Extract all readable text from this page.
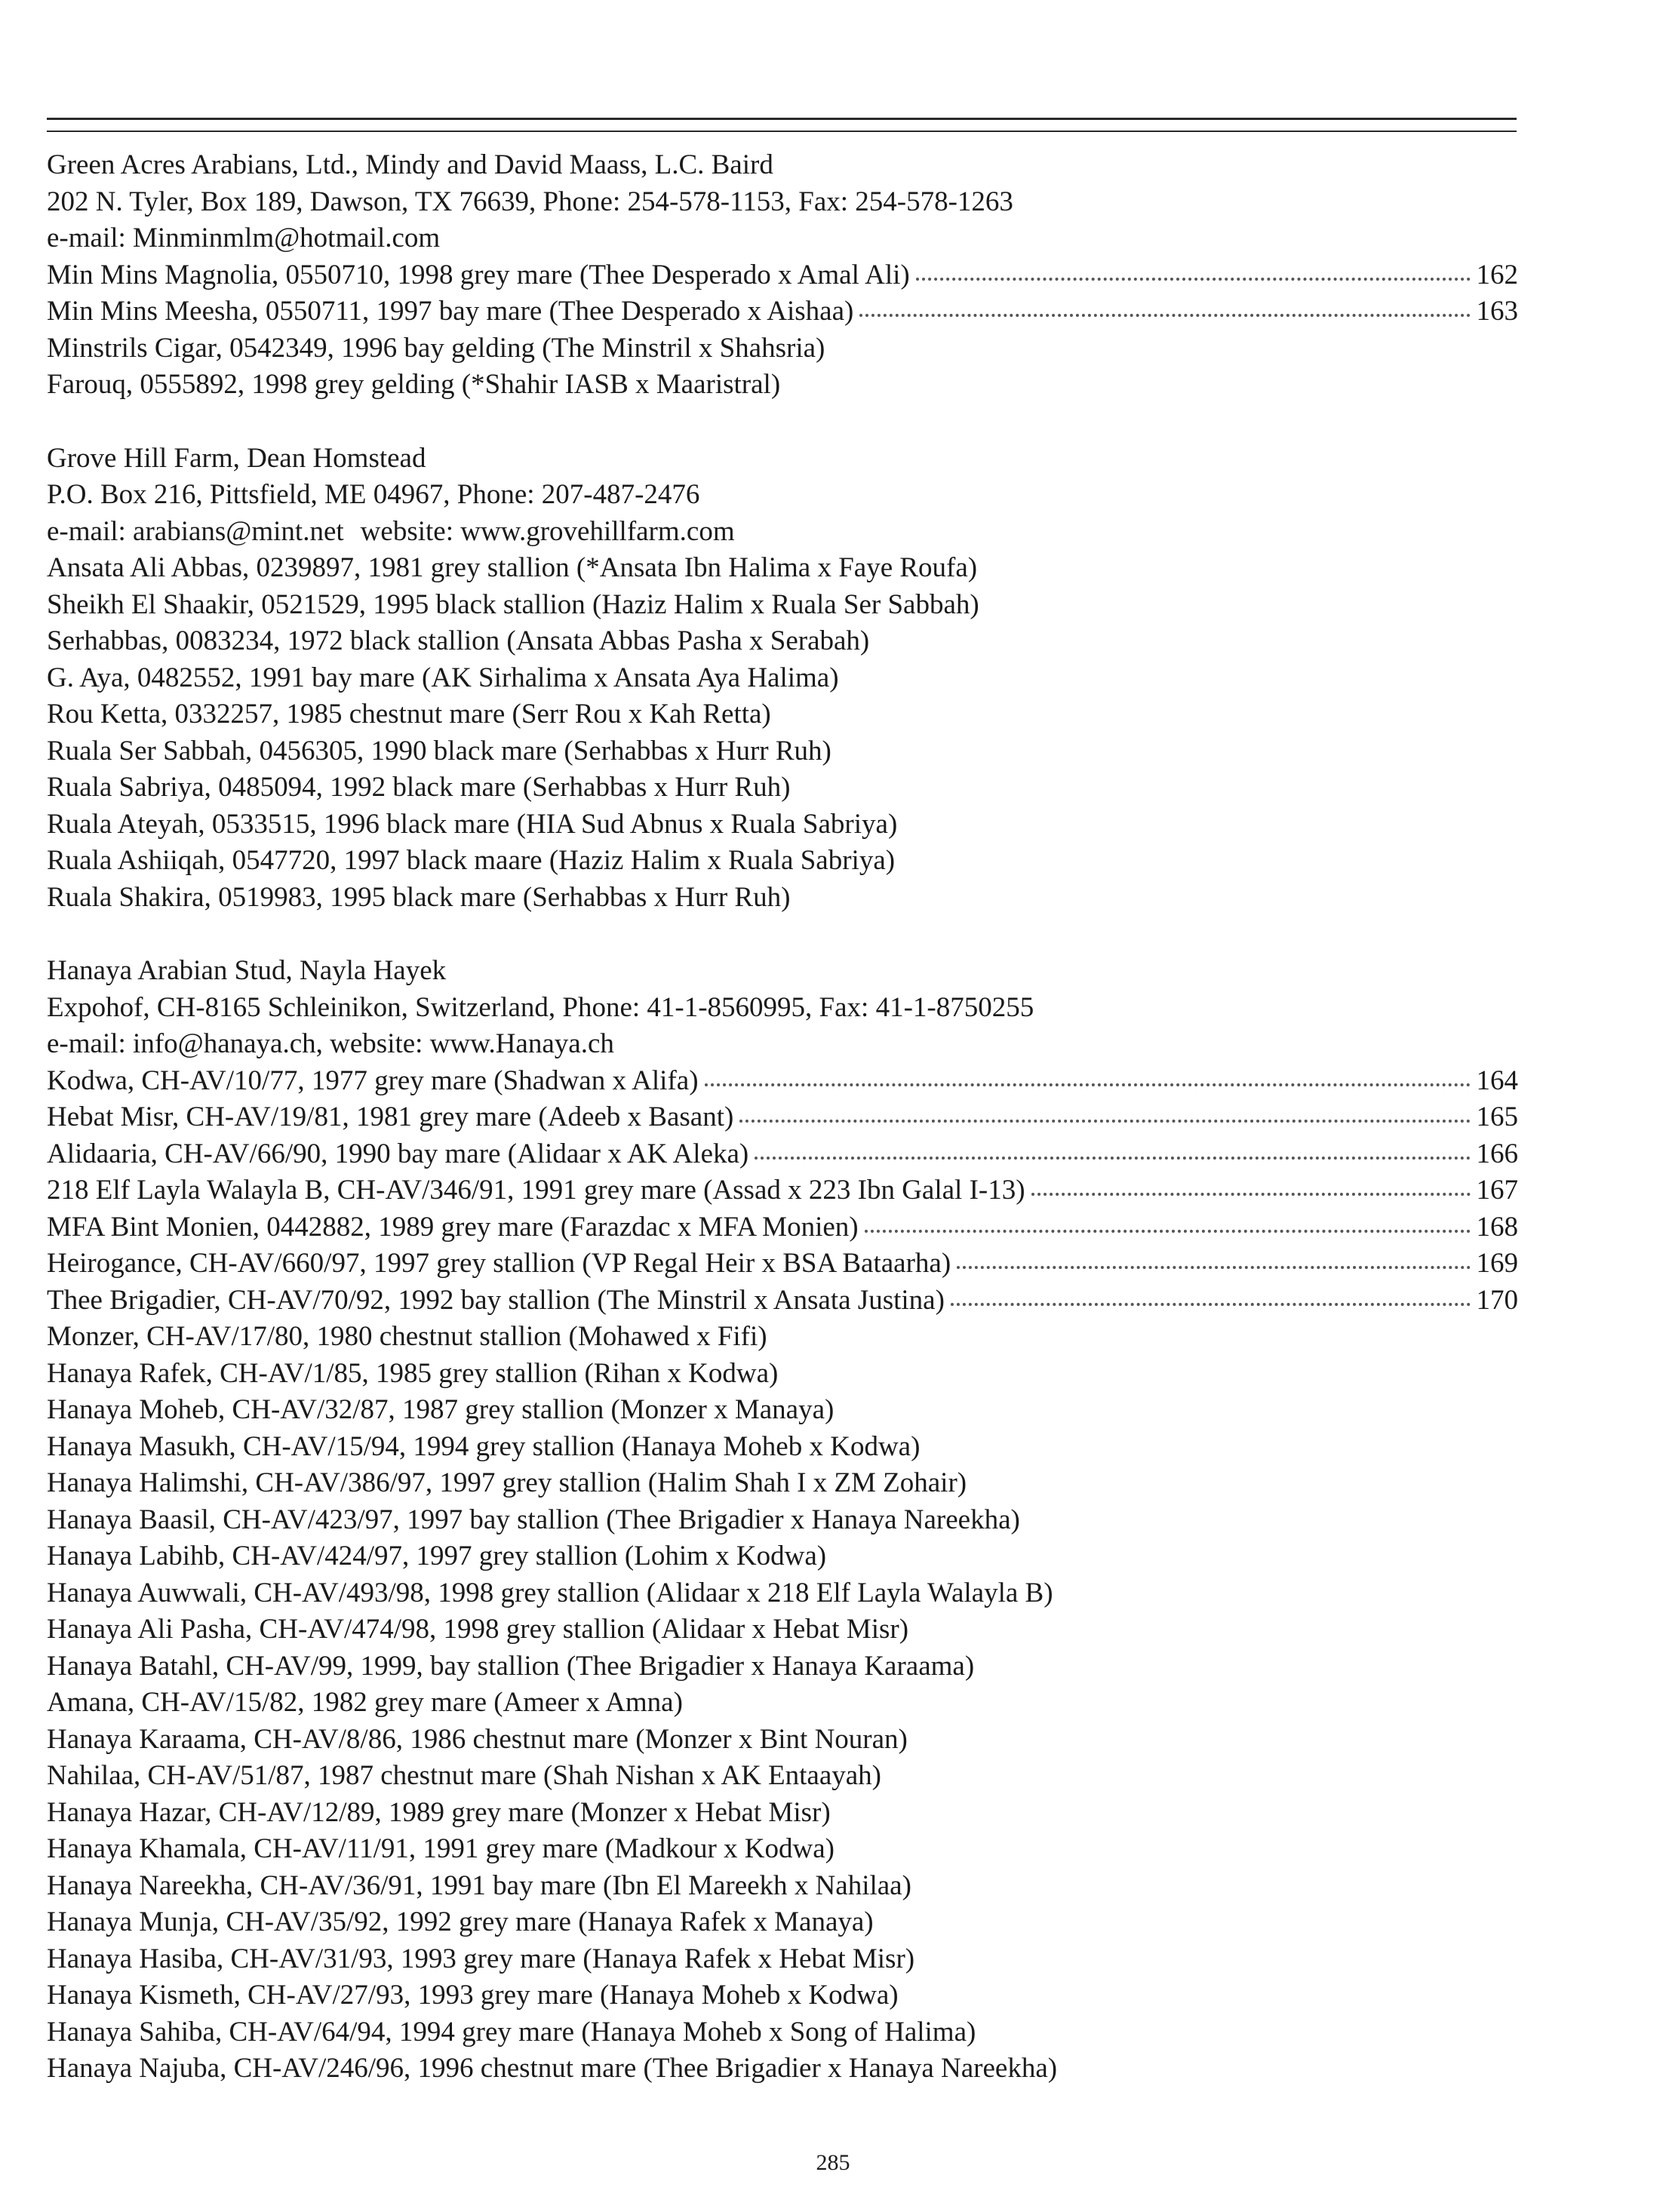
Green Acres Arabians, Ltd., Mindy and David Maass, L.C. Baird
202 N. Tyler, Box 189, Dawson, TX 76639, Phone: 254-578-1153, Fax: 254-578-1263
e-mail: Minminmlm@hotmail.com
Min Mins Magnolia, 0550710, 1998 grey mare (Thee Desperado x Amal Ali)	162
Min Mins Meesha, 0550711, 1997 bay mare (Thee Desperado x Aishaa)	163
Minstrils Cigar, 0542349, 1996 bay gelding (The Minstril x Shahsria)
Farouq, 0555892, 1998 grey gelding (*Shahir IASB x Maaristral)
Grove Hill Farm, Dean Homstead
P.O. Box 216, Pittsfield, ME 04967, Phone: 207-487-2476
e-mail: arabians@mint.net website: www.grovehillfarm.com
Ansata Ali Abbas, 0239897, 1981 grey stallion (*Ansata Ibn Halima x Faye Roufa)
Sheikh El Shaakir, 0521529, 1995 black stallion (Haziz Halim x Ruala Ser Sabbah)
Serhabbas, 0083234, 1972 black stallion (Ansata Abbas Pasha x Serabah)
G. Aya, 0482552, 1991 bay mare (AK Sirhalima x Ansata Aya Halima)
Rou Ketta, 0332257, 1985 chestnut mare (Serr Rou x Kah Retta)
Ruala Ser Sabbah, 0456305, 1990 black mare (Serhabbas x Hurr Ruh)
Ruala Sabriya, 0485094, 1992 black mare (Serhabbas x Hurr Ruh)
Ruala Ateyah, 0533515, 1996 black mare (HIA Sud Abnus x Ruala Sabriya)
Ruala Ashiiqah, 0547720, 1997 black maare (Haziz Halim x Ruala Sabriya)
Ruala Shakira, 0519983, 1995 black mare (Serhabbas x Hurr Ruh)
Hanaya Arabian Stud, Nayla Hayek
Expohof, CH-8165 Schleinikon, Switzerland, Phone: 41-1-8560995, Fax: 41-1-8750255
e-mail: info@hanaya.ch, website: www.Hanaya.ch
Kodwa, CH-AV/10/77, 1977 grey mare (Shadwan x Alifa)	164
Hebat Misr, CH-AV/19/81, 1981 grey mare (Adeeb x Basant)	165
Alidaaria, CH-AV/66/90, 1990 bay mare (Alidaar x AK Aleka)	166
218 Elf Layla Walayla B, CH-AV/346/91, 1991 grey mare (Assad x 223 Ibn Galal I-13)	167
MFA Bint Monien, 0442882, 1989 grey mare (Farazdac x MFA Monien)	168
Heirogance, CH-AV/660/97, 1997 grey stallion (VP Regal Heir x BSA Bataarha)	169
Thee Brigadier, CH-AV/70/92, 1992 bay stallion (The Minstril x Ansata Justina)	170
Monzer, CH-AV/17/80, 1980 chestnut stallion (Mohawed x Fifi)
Hanaya Rafek, CH-AV/1/85, 1985 grey stallion (Rihan x Kodwa)
Hanaya Moheb, CH-AV/32/87, 1987 grey stallion (Monzer x Manaya)
Hanaya Masukh, CH-AV/15/94, 1994 grey stallion (Hanaya Moheb x Kodwa)
Hanaya Halimshi, CH-AV/386/97, 1997 grey stallion (Halim Shah I x ZM Zohair)
Hanaya Baasil, CH-AV/423/97, 1997 bay stallion (Thee Brigadier x Hanaya Nareekha)
Hanaya Labihb, CH-AV/424/97, 1997 grey stallion (Lohim x Kodwa)
Hanaya Auwwali, CH-AV/493/98, 1998 grey stallion (Alidaar x 218 Elf Layla Walayla B)
Hanaya Ali Pasha, CH-AV/474/98, 1998 grey stallion (Alidaar x Hebat Misr)
Hanaya Batahl, CH-AV/99, 1999, bay stallion (Thee Brigadier x Hanaya Karaama)
Amana, CH-AV/15/82, 1982 grey mare (Ameer x Amna)
Hanaya Karaama, CH-AV/8/86, 1986 chestnut mare (Monzer x Bint Nouran)
Nahilaa, CH-AV/51/87, 1987 chestnut mare (Shah Nishan x AK Entaayah)
Hanaya Hazar, CH-AV/12/89, 1989 grey mare (Monzer x Hebat Misr)
Hanaya Khamala, CH-AV/11/91, 1991 grey mare (Madkour x Kodwa)
Hanaya Nareekha, CH-AV/36/91, 1991 bay mare (Ibn El Mareekh x Nahilaa)
Hanaya Munja, CH-AV/35/92, 1992 grey mare (Hanaya Rafek x Manaya)
Hanaya Hasiba, CH-AV/31/93, 1993 grey mare (Hanaya Rafek x Hebat Misr)
Hanaya Kismeth, CH-AV/27/93, 1993 grey mare (Hanaya Moheb x Kodwa)
Hanaya Sahiba, CH-AV/64/94, 1994 grey mare (Hanaya Moheb x Song of Halima)
Hanaya Najuba, CH-AV/246/96, 1996 chestnut mare (Thee Brigadier x Hanaya Nareekha)
285
